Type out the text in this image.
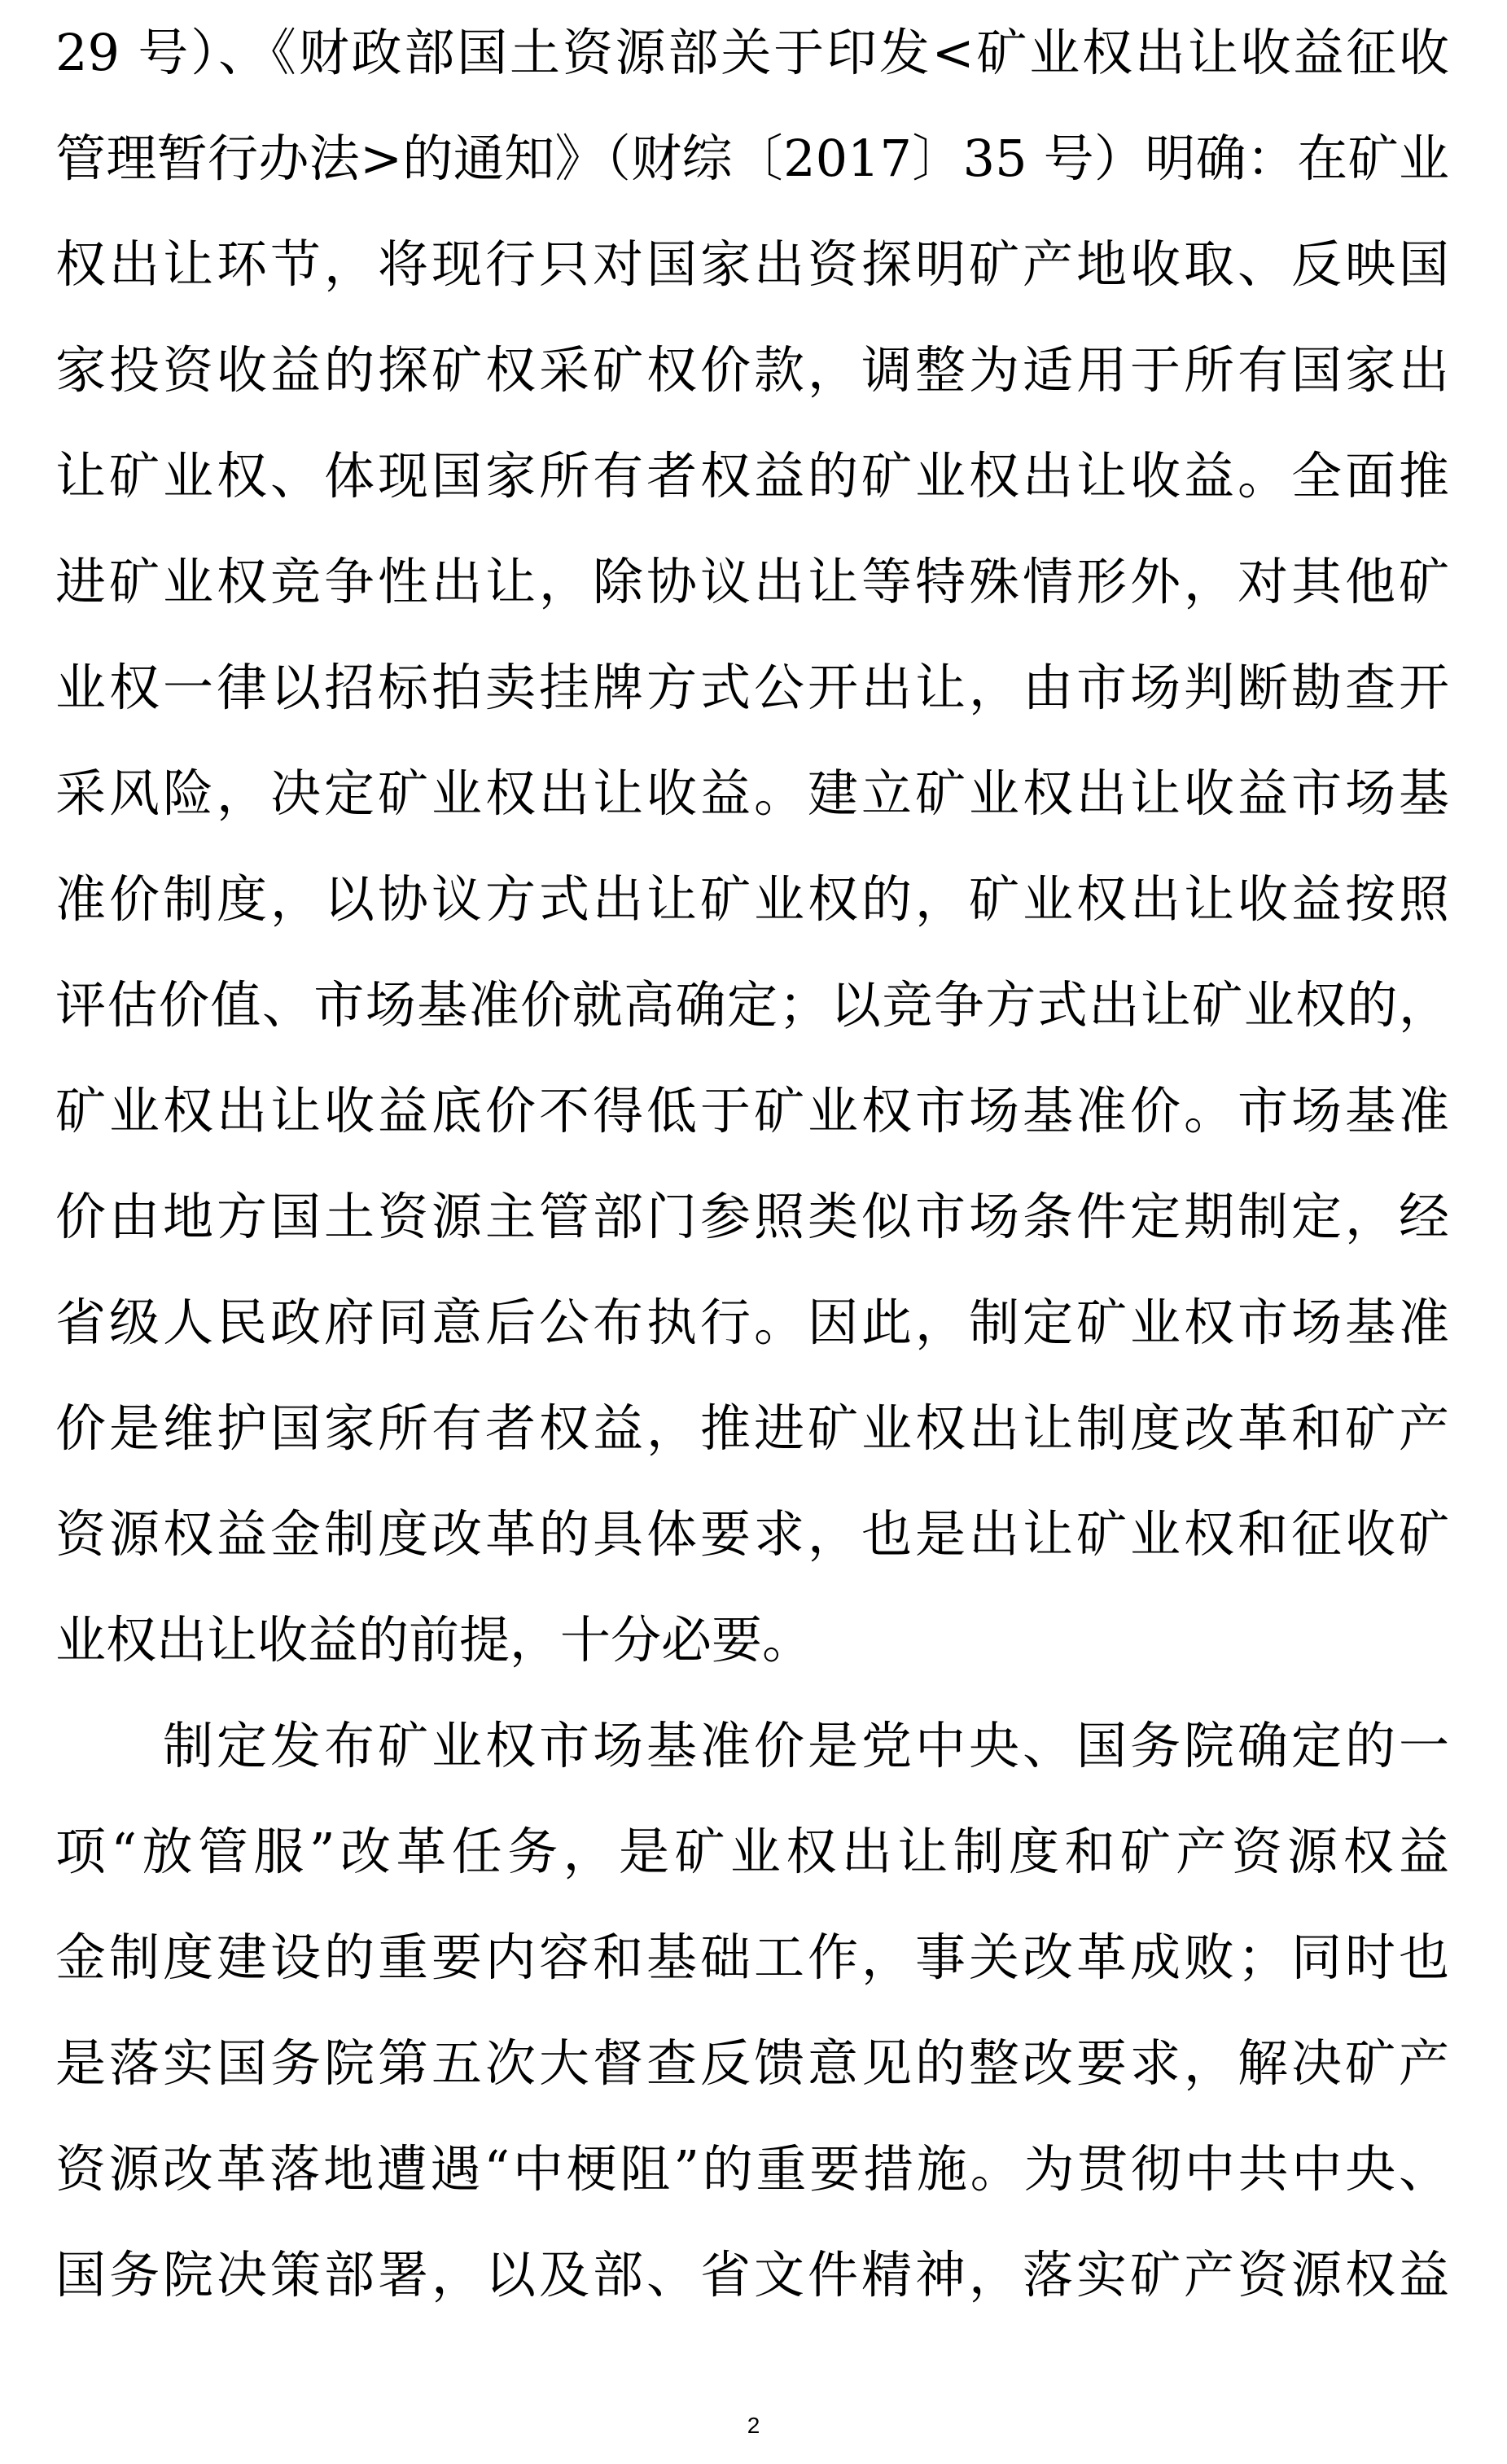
29 号）、《财政部国土资源部关于印发<矿业权出让收益征收
管理暂行办法>的通知》（财综〔2017〕35 号）明确：在矿业
权出让环节，将现行只对国家出资探明矿产地收取、反映国
家投资收益的探矿权采矿权价款，调整为适用于所有国家出
让矿业权、体现国家所有者权益的矿业权出让收益。全面推
进矿业权竞争性出让，除协议出让等特殊情形外，对其他矿
业权一律以招标拍卖挂牌方式公开出让，由市场判断勘查开
采风险，决定矿业权出让收益。建立矿业权出让收益市场基
准价制度，以协议方式出让矿业权的，矿业权出让收益按照
评估价值、市场基准价就高确定；以竞争方式出让矿业权的，
矿业权出让收益底价不得低于矿业权市场基准价。市场基准
价由地方国土资源主管部门参照类似市场条件定期制定，经
省级人民政府同意后公布执行。因此，制定矿业权市场基准
价是维护国家所有者权益，推进矿业权出让制度改革和矿产
资源权益金制度改革的具体要求，也是出让矿业权和征收矿
业权出让收益的前提，十分必要。
　　制定发布矿业权市场基准价是党中央、国务院确定的一
项“放管服”改革任务，是矿业权出让制度和矿产资源权益
金制度建设的重要内容和基础工作，事关改革成败；同时也
是落实国务院第五次大督查反馈意见的整改要求，解决矿产
资源改革落地遭遇“中梗阻”的重要措施。为贯彻中共中央、
国务院决策部署，以及部、省文件精神，落实矿产资源权益
2
